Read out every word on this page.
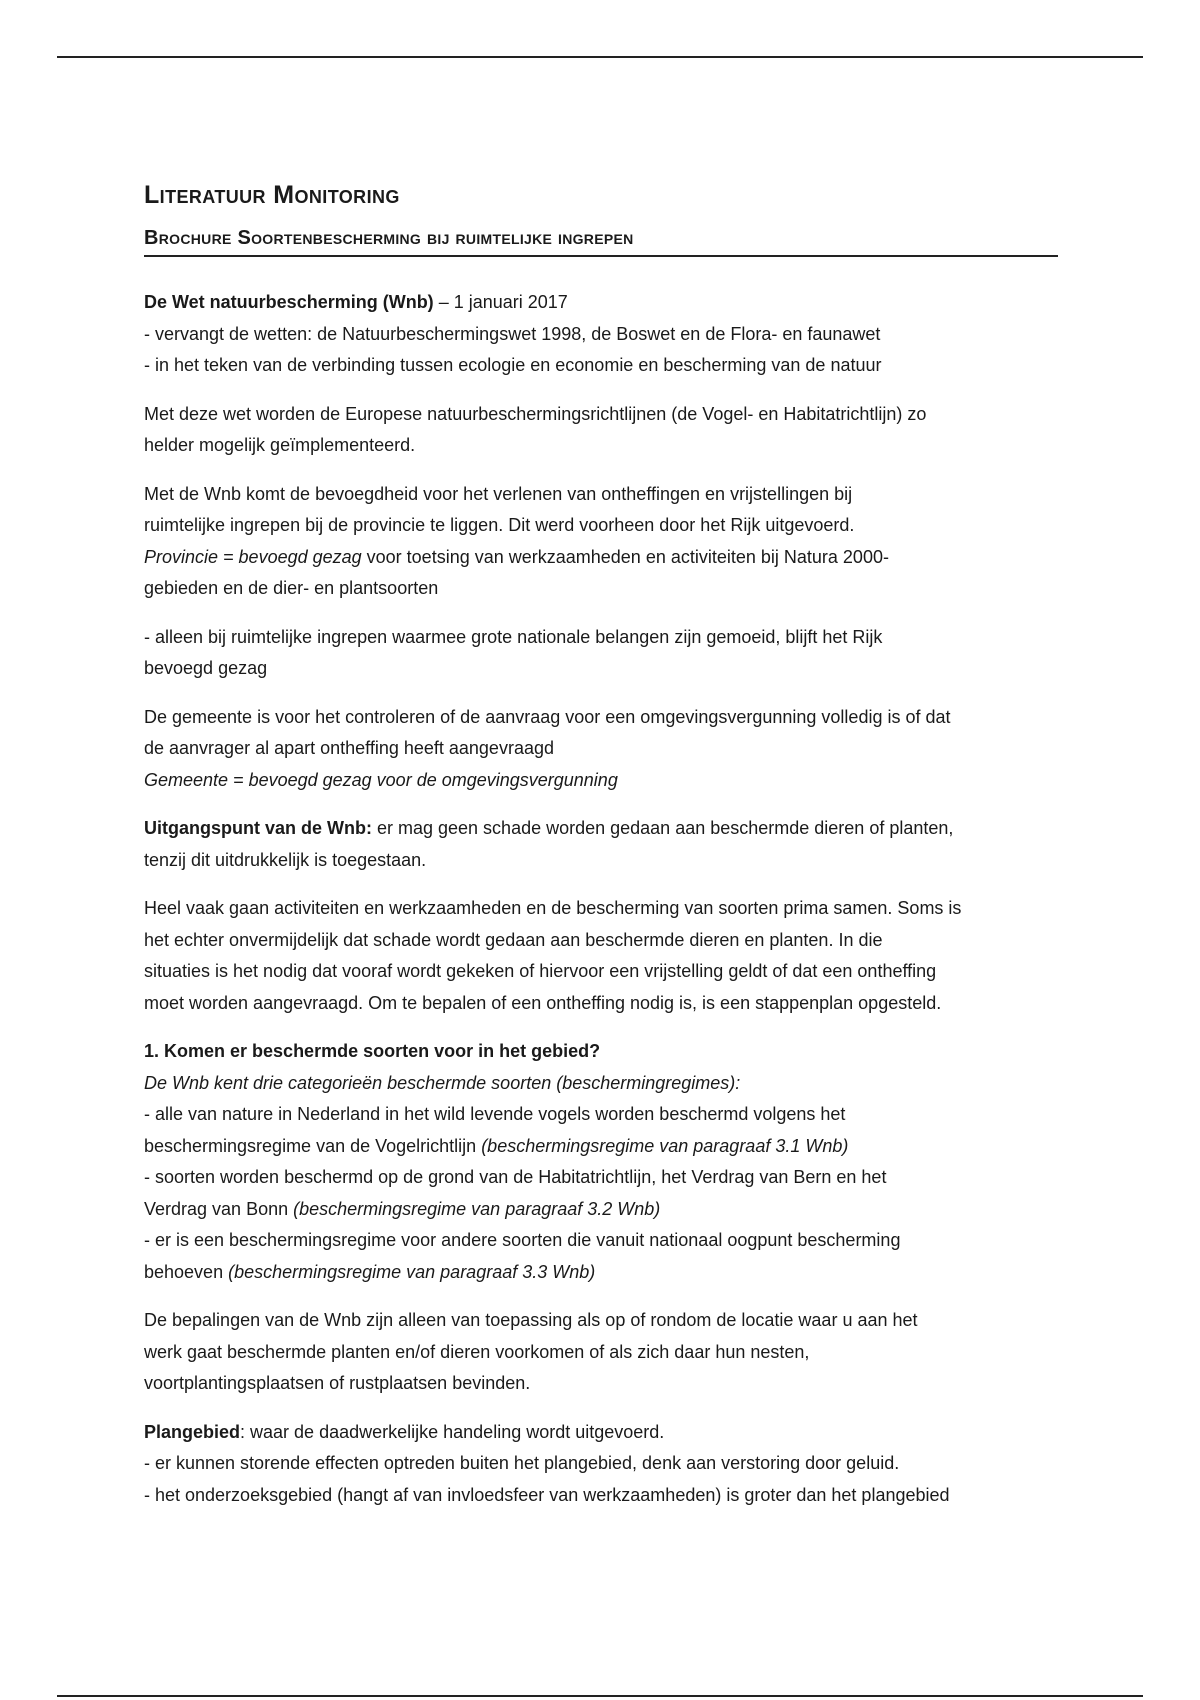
Literatuur Monitoring
Brochure Soortenbescherming bij ruimtelijke ingrepen
De Wet natuurbescherming (Wnb) – 1 januari 2017
- vervangt de wetten: de Natuurbeschermingswet 1998, de Boswet en de Flora- en faunawet
- in het teken van de verbinding tussen ecologie en economie en bescherming van de natuur
Met deze wet worden de Europese natuurbeschermingsrichtlijnen (de Vogel- en Habitatrichtlijn) zo
helder mogelijk geïmplementeerd.
Met de Wnb komt de bevoegdheid voor het verlenen van ontheffingen en vrijstellingen bij
ruimtelijke ingrepen bij de provincie te liggen. Dit werd voorheen door het Rijk uitgevoerd.
Provincie = bevoegd gezag voor toetsing van werkzaamheden en activiteiten bij Natura 2000-
gebieden en de dier- en plantsoorten
- alleen bij ruimtelijke ingrepen waarmee grote nationale belangen zijn gemoeid, blijft het Rijk
bevoegd gezag
De gemeente is voor het controleren of de aanvraag voor een omgevingsvergunning volledig is of dat
de aanvrager al apart ontheffing heeft aangevraagd
Gemeente = bevoegd gezag voor de omgevingsvergunning
Uitgangspunt van de Wnb: er mag geen schade worden gedaan aan beschermde dieren of planten,
tenzij dit uitdrukkelijk is toegestaan.
Heel vaak gaan activiteiten en werkzaamheden en de bescherming van soorten prima samen. Soms is
het echter onvermijdelijk dat schade wordt gedaan aan beschermde dieren en planten. In die
situaties is het nodig dat vooraf wordt gekeken of hiervoor een vrijstelling geldt of dat een ontheffing
moet worden aangevraagd. Om te bepalen of een ontheffing nodig is, is een stappenplan opgesteld.
1. Komen er beschermde soorten voor in het gebied?
De Wnb kent drie categorieën beschermde soorten (beschermingregimes):
- alle van nature in Nederland in het wild levende vogels worden beschermd volgens het
beschermingsregime van de Vogelrichtlijn (beschermingsregime van paragraaf 3.1 Wnb)
- soorten worden beschermd op de grond van de Habitatrichtlijn, het Verdrag van Bern en het
Verdrag van Bonn (beschermingsregime van paragraaf 3.2 Wnb)
- er is een beschermingsregime voor andere soorten die vanuit nationaal oogpunt bescherming
behoeven (beschermingsregime van paragraaf 3.3 Wnb)
De bepalingen van de Wnb zijn alleen van toepassing als op of rondom de locatie waar u aan het
werk gaat beschermde planten en/of dieren voorkomen of als zich daar hun nesten,
voortplantingsplaatsen of rustplaatsen bevinden.
Plangebied: waar de daadwerkelijke handeling wordt uitgevoerd.
- er kunnen storende effecten optreden buiten het plangebied, denk aan verstoring door geluid.
- het onderzoeksgebied (hangt af van invloedsfeer van werkzaamheden) is groter dan het plangebied
